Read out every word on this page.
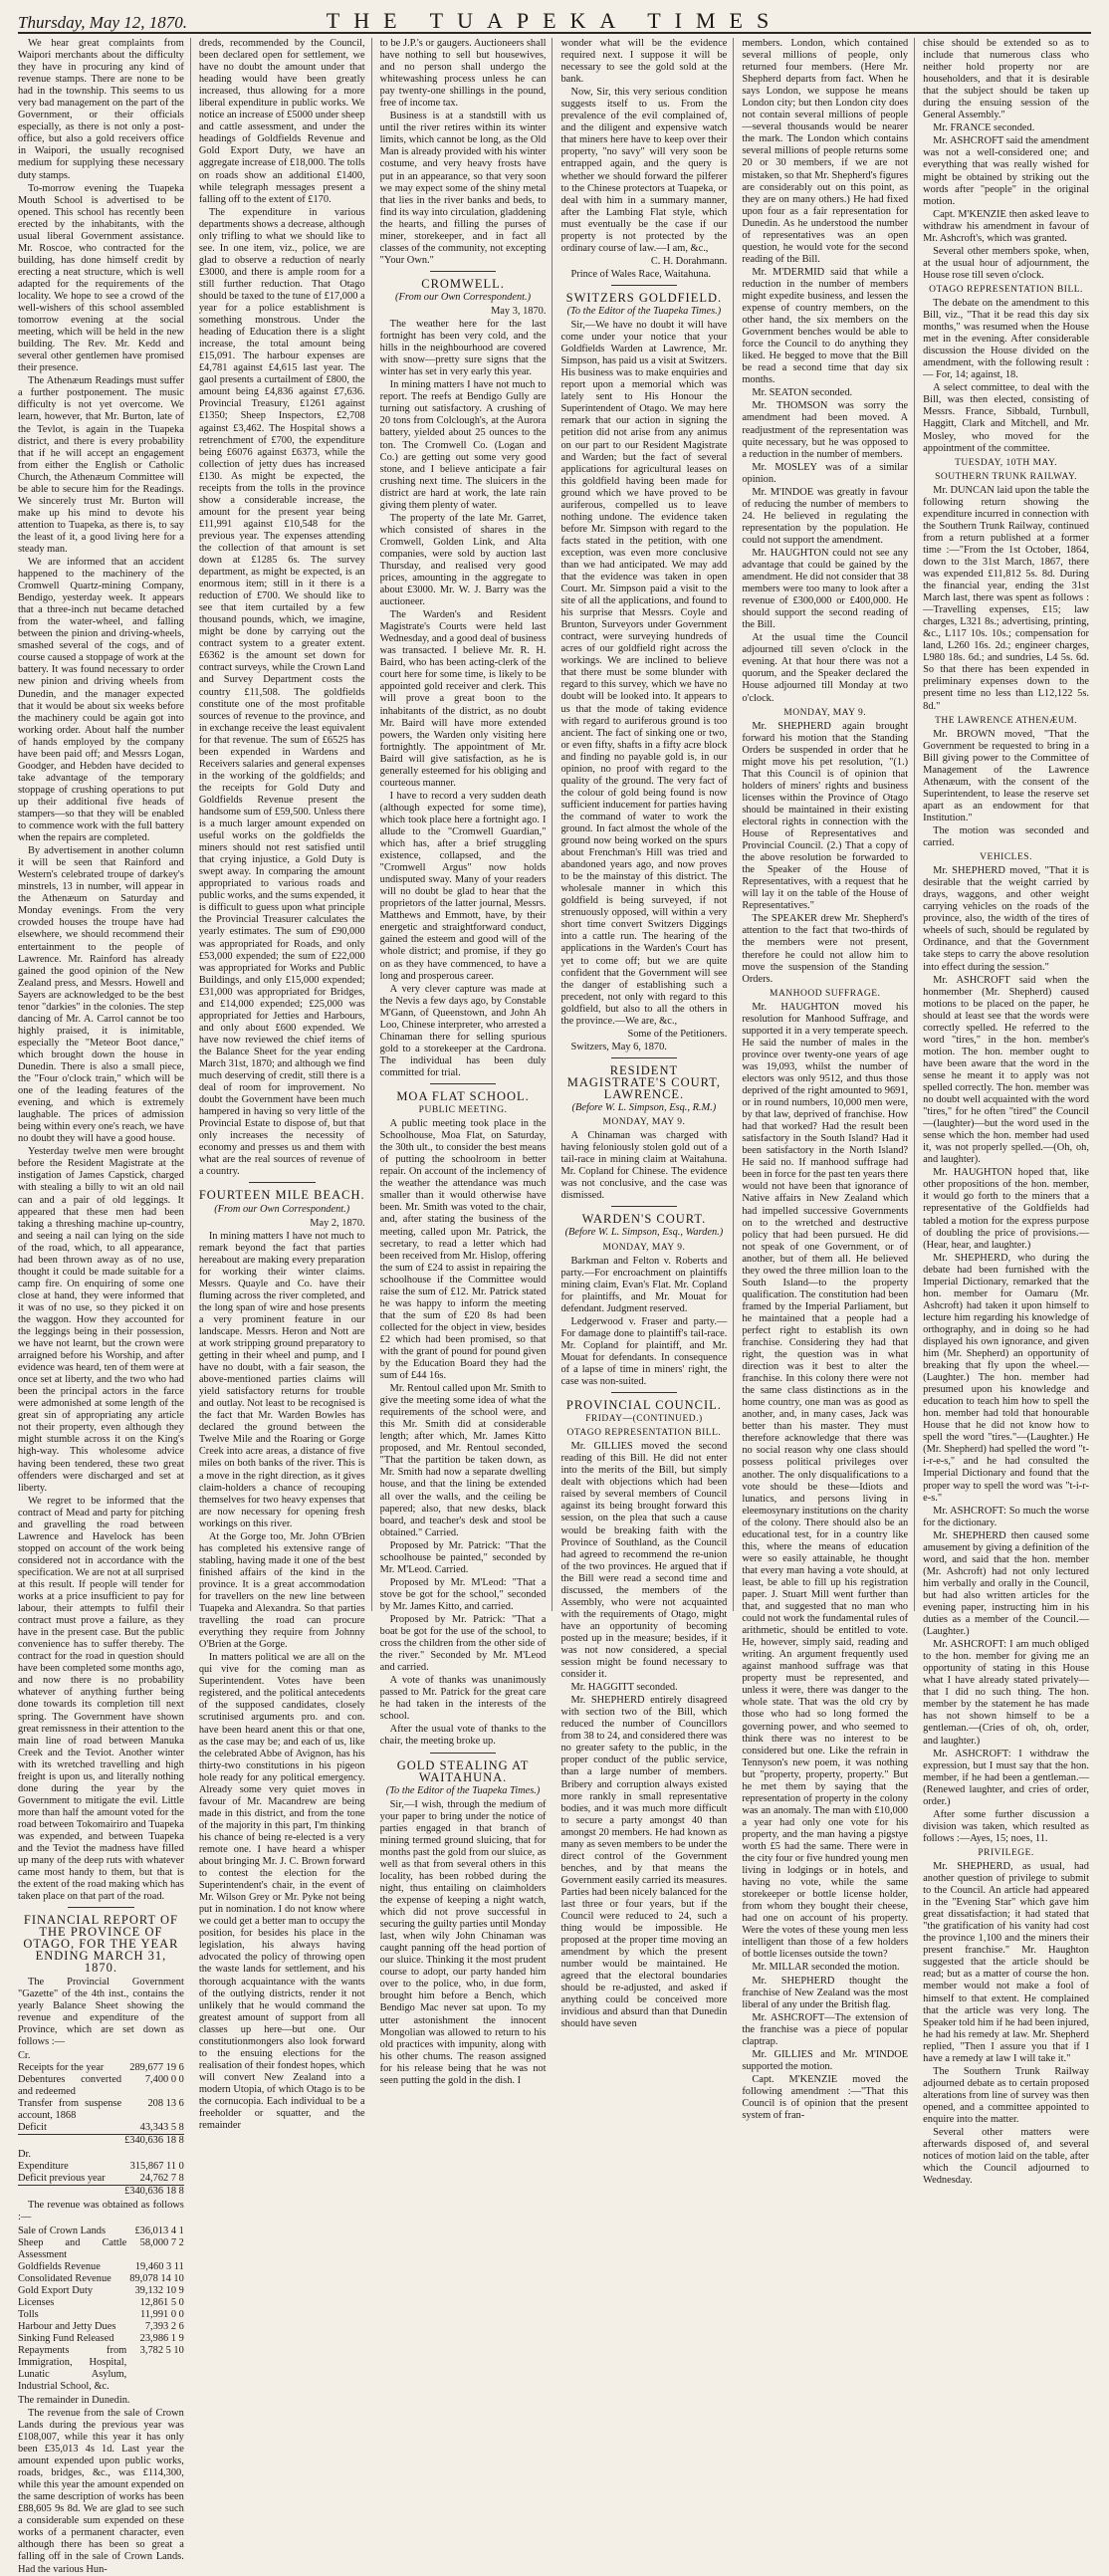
Thursday, May 12, 1870.	THE TUAPEKA TIMES

We hear great complaints from Waipori merchants about the difficulty they have in procuring any kind of revenue stamps. There are none to be had in the township. This seems to us very bad management on the part of the Government, or their officials especially, as there is not only a post-office, but also a gold receivers office in Waipori, the usually recognised medium for supplying these necessary duty stamps.

To-morrow evening the Tuapeka Mouth School is advertised to be opened. This school has recently been erected by the inhabitants, with the usual liberal Government assistance. Mr. Roscoe, who contracted for the building, has done himself credit by erecting a neat structure, which is well adapted for the requirements of the locality. We hope to see a crowd of the well-wishers of this school assembled tomorrow evening at the social meeting, which will be held in the new building. The Rev. Mr. Kedd and several other gentlemen have promised their presence.

The Athenæum Readings must suffer a further postponement. The music difficulty is not yet overcome. We learn, however, that Mr. Burton, late of the Tevlot, is again in the Tuapeka district, and there is every probability that if he will accept an engagement from either the English or Catholic Church, the Athenæum Committee will be able to secure him for the Readings. We sincerely trust Mr. Burton will make up his mind to devote his attention to Tuapeka, as there is, to say the least of it, a good living here for a steady man.

We are informed that an accident happened to the machinery of the Cromwell Quartz-mining Company, Bendigo, yesterday week. It appears that a three-inch nut became detached from the water-wheel, and falling between the pinion and driving-wheels, smashed several of the cogs, and of course caused a stoppage of work at the battery. It was found necessary to order new pinion and driving wheels from Dunedin, and the manager expected that it would be about six weeks before the machinery could be again got into working order. About half the number of hands employed by the company have been paid off; and Messrs Logan, Goodger, and Hebden have decided to take advantage of the temporary stoppage of crushing operations to put up their additional five heads of stampers—so that they will be enabled to commence work with the full battery when the repairs are completed.

By advertisement in another column it will be seen that Rainford and Western's celebrated troupe of darkey's minstrels, 13 in number, will appear in the Athenæum on Saturday and Monday evenings. From the very crowded houses the troupe have had elsewhere, we should recommend their entertainment to the people of Lawrence. Mr. Rainford has already gained the good opinion of the New Zealand press, and Messrs. Howell and Sayers are acknowledged to be the best tenor "darkies" in the colonies. The step dancing of Mr. A. Carrol cannot be too highly praised, it is inimitable, especially the "Meteor Boot dance," which brought down the house in Dunedin. There is also a small piece, the "Four o'clock train," which will be one of the leading features of the evening, and which is extremely laughable. The prices of admission being within every one's reach, we have no doubt they will have a good house.

Yesterday twelve men were brought before the Resident Magistrate at the instigation of James Capstick, charged with stealing a billy to wit an old nail can and a pair of old leggings. It appeared that these men had been taking a threshing machine up-country, and seeing a nail can lying on the side of the road, which, to all appearance, had been thrown away as of no use, thought it could be made suitable for a camp fire. On enquiring of some one close at hand, they were informed that it was of no use, so they picked it on the waggon. How they accounted for the leggings being in their possession, we have not learnt, but the crown were arraigned before his Worship, and after evidence was heard, ten of them were at once set at liberty, and the two who had been the principal actors in the farce were admonished at some length of the great sin of appropriating any article not their property, even although they might stumble across it on the King's high-way. This wholesome advice having been tendered, these two great offenders were discharged and set at liberty.

We regret to be informed that the contract of Mead and party for pitching and gravelling the road between Lawrence and Havelock has been stopped on account of the work being considered not in accordance with the specification. We are not at all surprised at this result. If people will tender for works at a price insufficient to pay for labour, their attempts to fulfil their contract must prove a failure, as they have in the present case. But the public convenience has to suffer thereby. The contract for the road in question should have been completed some months ago, and now there is no probability whatever of anything further being done towards its completion till next spring. The Government have shown great remissness in their attention to the main line of road between Manuka Creek and the Teviot. Another winter with its wretched travelling and high freight is upon us, and literally nothing done during the year by the Government to mitigate the evil. Little more than half the amount voted for the road between Tokomairiro and Tuapeka was expended, and between Tuapeka and the Teviot the madness have filled up many of the deep ruts with whatever came most handy to them, but that is the extent of the road making which has taken place on that part of the road.

FINANCIAL REPORT OF THE PROVINCE OF OTAGO, FOR THE YEAR ENDING MARCH 31, 1870.

The Provincial Government "Gazette" of the 4th inst., contains the yearly Balance Sheet showing the revenue and expenditure of the Province, which are set down as follows :—

Cr.	
Receipts for the year	289,677 19 6
Debentures converted and redeemed	7,400 0 0
Transfer from suspense account, 1868	208 13 6
Deficit	43,343 5 8
	£340,636 18 8
Dr.	
Expenditure	315,867 11 0
Deficit previous year	24,762 7 8
	£340,636 18 8

The revenue was obtained as follows :—

Sale of Crown Lands	£36,013 4 1
Sheep and Cattle Assessment	58,000 7 2
Goldfields Revenue	19,460 3 11
Consolidated Revenue	89,078 14 10
Gold Export Duty	39,132 10 9
Licenses	12,861 5 0
Tolls	11,991 0 0
Harbour and Jetty Dues	7,393 2 6
Sinking Fund Released	23,986 1 9
Repayments from Immigration, Hospital, Lunatic Asylum, Industrial School, &c.	3,782 5 10

The remainder in Dunedin.

The revenue from the sale of Crown Lands during the previous year was £108,007, while this year it has only been £35,013 4s 1d. Last year the amount expended upon public works, roads, bridges, &c., was £114,300, while this year the amount expended on the same description of works has been £88,605 9s 8d. We are glad to see such a considerable sum expended on these works of a permanent character, even although there has been so great a falling off in the sale of Crown Lands. Had the various Hun-

dreds, recommended by the Council, been declared open for settlement, we have no doubt the amount under that heading would have been greatly increased, thus allowing for a more liberal expenditure in public works. We notice an increase of £5000 under sheep and cattle assessment, and under the headings of Goldfields Revenue and Gold Export Duty, we have an aggregate increase of £18,000. The tolls on roads show an additional £1400, while telegraph messages present a falling off to the extent of £170.

The expenditure in various departments shows a decrease, although only trifling to what we should like to see. In one item, viz., police, we are glad to observe a reduction of nearly £3000, and there is ample room for a still further reduction. That Otago should be taxed to the tune of £17,000 a year for a police establishment is something monstrous. Under the heading of Education there is a slight increase, the total amount being £15,091. The harbour expenses are £4,781 against £4,615 last year. The gaol presents a curtailment of £800, the amount being £4,836 against £7,636. Provincial Treasury, £1261 against £1350; Sheep Inspectors, £2,708 against £3,462. The Hospital shows a retrenchment of £700, the expenditure being £6076 against £6373, while the collection of jetty dues has increased £130. As might be expected, the receipts from the tolls in the province show a considerable increase, the amount for the present year being £11,991 against £10,548 for the previous year. The expenses attending the collection of that amount is set down at £1285 6s. The survey department, as might be expected, is an enormous item; still in it there is a reduction of £700. We should like to see that item curtailed by a few thousand pounds, which, we imagine, might be done by carrying out the contract system to a greater extent. £6362 is the amount set down for contract surveys, while the Crown Land and Survey Department costs the country £11,508. The goldfields constitute one of the most profitable sources of revenue to the province, and in exchange receive the least equivalent for that revenue. The sum of £6525 has been expended in Wardens and Receivers salaries and general expenses in the working of the goldfields; and the receipts for Gold Duty and Goldfields Revenue present the handsome sum of £59,500. Unless there is a much larger amount expended on useful works on the goldfields the miners should not rest satisfied until that crying injustice, a Gold Duty is swept away. In comparing the amount appropriated to various roads and public works, and the sums expended, it is difficult to guess upon what principle the Provincial Treasurer calculates the yearly estimates. The sum of £90,000 was appropriated for Roads, and only £53,000 expended; the sum of £22,000 was appropriated for Works and Public Buildings, and only £15,000 expended; £31,000 was appropriated for Bridges, and £14,000 expended; £25,000 was appropriated for Jetties and Harbours, and only about £600 expended. We have now reviewed the chief items of the Balance Sheet for the year ending March 31st, 1870; and although we find much deserving of credit, still there is a deal of room for improvement. No doubt the Government have been much hampered in having so very little of the Provincial Estate to dispose of, but that only increases the necessity of economy and presses us and them with what are the real sources of revenue of a country.

FOURTEEN MILE BEACH.

(From our Own Correspondent.)

May 2, 1870.

In mining matters I have not much to remark beyond the fact that parties hereabout are making every preparation for working their winter claims. Messrs. Quayle and Co. have their fluming across the river completed, and the long span of wire and hose presents a very prominent feature in our landscape. Messrs. Heron and Nott are at work stripping ground preparatory to getting in their wheel and pump, and I have no doubt, with a fair season, the above-mentioned parties claims will yield satisfactory returns for trouble and outlay. Not least to be recognised is the fact that Mr. Warden Bowles has declared the ground between the Twelve Mile and the Roaring or Gorge Creek into acre areas, a distance of five miles on both banks of the river. This is a move in the right direction, as it gives claim-holders a chance of recouping themselves for two heavy expenses that are now necessary for opening fresh workings on this river.

At the Gorge too, Mr. John O'Brien has completed his extensive range of stabling, having made it one of the best finished affairs of the kind in the province. It is a great accommodation for travellers on the new line between Tuapeka and Alexandra. So that parties travelling the road can procure everything they require from Johnny O'Brien at the Gorge.

In matters political we are all on the qui vive for the coming man as Superintendent. Votes have been registered, and the political antecedents of the supposed candidates, closely scrutinised arguments pro. and con. have been heard anent this or that one, as the case may be; and each of us, like the celebrated Abbe of Avignon, has his thirty-two constitutions in his pigeon hole ready for any political emergency. Already some very quiet moves in favour of Mr. Macandrew are being made in this district, and from the tone of the majority in this part, I'm thinking his chance of being re-elected is a very remote one. I have heard a whisper about bringing Mr. J. C. Brown forward to contest the election for the Superintendent's chair, in the event of Mr. Wilson Grey or Mr. Pyke not being put in nomination. I do not know where we could get a better man to occupy the position, for besides his place in the legislation, his always having advocated the policy of throwing open the waste lands for settlement, and his thorough acquaintance with the wants of the outlying districts, render it not unlikely that he would command the greatest amount of support from all classes up here—but one. Our constitutionmongers also look forward to the ensuing elections for the realisation of their fondest hopes, which will convert New Zealand into a modern Utopia, of which Otago is to be the cornucopia. Each individual to be a freeholder or squatter, and the remainder

to be J.P.'s or gaugers. Auctioneers shall have nothing to sell but housewives, and no person shall undergo the whitewashing process unless he can pay twenty-one shillings in the pound, free of income tax.

Business is at a standstill with us until the river retires within its winter limits, which cannot be long, as the Old Man is already provided with his winter costume, and very heavy frosts have put in an appearance, so that very soon we may expect some of the shiny metal that lies in the river banks and beds, to find its way into circulation, gladdening the hearts, and filling the purses of miner, storekeeper, and in fact all classes of the community, not excepting "Your Own."

CROMWELL.

(From our Own Correspondent.)

May 3, 1870.

The weather here for the last fortnight has been very cold, and the hills in the neighbourhood are covered with snow—pretty sure signs that the winter has set in very early this year.

In mining matters I have not much to report. The reefs at Bendigo Gully are turning out satisfactory. A crushing of 20 tons from Colclough's, at the Aurora battery, yielded about 25 ounces to the ton. The Cromwell Co. (Logan and Co.) are getting out some very good stone, and I believe anticipate a fair crushing next time. The sluicers in the district are hard at work, the late rain giving them plenty of water.

The property of the late Mr. Garret, which consisted of shares in the Cromwell, Golden Link, and Alta companies, were sold by auction last Thursday, and realised very good prices, amounting in the aggregate to about £3000. Mr. W. J. Barry was the auctioneer.

The Warden's and Resident Magistrate's Courts were held last Wednesday, and a good deal of business was transacted. I believe Mr. R. H. Baird, who has been acting-clerk of the court here for some time, is likely to be appointed gold receiver and clerk. This will prove a great boon to the inhabitants of the district, as no doubt Mr. Baird will have more extended powers, the Warden only visiting here fortnightly. The appointment of Mr. Baird will give satisfaction, as he is generally esteemed for his obliging and courteous manner.

I have to record a very sudden death (although expected for some time), which took place here a fortnight ago. I allude to the "Cromwell Guardian," which has, after a brief struggling existence, collapsed, and the "Cromwell Argus" now holds undisputed sway. Many of your readers will no doubt be glad to hear that the proprietors of the latter journal, Messrs. Matthews and Emmott, have, by their energetic and straightforward conduct, gained the esteem and good will of the whole district; and promise, if they go on as they have commenced, to have a long and prosperous career.

A very clever capture was made at the Nevis a few days ago, by Constable M'Gann, of Queenstown, and John Ah Loo, Chinese interpreter, who arrested a Chinaman there for selling spurious gold to a storekeeper at the Cardrona. The individual has been duly committed for trial.

MOA FLAT SCHOOL.

PUBLIC MEETING.

A public meeting took place in the Schoolhouse, Moa Flat, on Saturday, the 30th ult., to consider the best means of putting the schoolroom in better repair. On account of the inclemency of the weather the attendance was much smaller than it would otherwise have been. Mr. Smith was voted to the chair, and, after stating the business of the meeting, called upon Mr. Patrick, the secretary, to read a letter which had been received from Mr. Hislop, offering the sum of £24 to assist in repairing the schoolhouse if the Committee would raise the sum of £12. Mr. Patrick stated he was happy to inform the meeting that the sum of £20 8s had been collected for the object in view, besides £2 which had been promised, so that with the grant of pound for pound given by the Education Board they had the sum of £44 16s.

Mr. Rentoul called upon Mr. Smith to give the meeting some idea of what the requirements of the school were, and this Mr. Smith did at considerable length; after which, Mr. James Kitto proposed, and Mr. Rentoul seconded, "That the partition be taken down, as Mr. Smith had now a separate dwelling house, and that the lining be extended all over the walls, and the ceiling be papered; also, that new desks, black board, and teacher's desk and stool be obtained." Carried.

Proposed by Mr. Patrick: "That the schoolhouse be painted," seconded by Mr. M'Leod. Carried.

Proposed by Mr. M'Leod: "That a stove be got for the school," seconded by Mr. James Kitto, and carried.

Proposed by Mr. Patrick: "That a boat be got for the use of the school, to cross the children from the other side of the river." Seconded by Mr. M'Leod and carried.

A vote of thanks was unanimously passed to Mr. Patrick for the great care he had taken in the interests of the school.

After the usual vote of thanks to the chair, the meeting broke up.

GOLD STEALING AT WAITAHUNA.

(To the Editor of the Tuapeka Times.)

Sir,—I wish, through the medium of your paper to bring under the notice of parties engaged in that branch of mining termed ground sluicing, that for months past the gold from our sluice, as well as that from several others in this locality, has been robbed during the night, thus entailing on claimholders the expense of keeping a night watch, which did not prove successful in securing the guilty parties until Monday last, when wily John Chinaman was caught panning off the head portion of our sluice. Thinking it the most prudent course to adopt, our party handed him over to the police, who, in due form, brought him before a Bench, which Bendigo Mac never sat upon. To my utter astonishment the innocent Mongolian was allowed to return to his old practices with impunity, along with his other chums. The reason assigned for his release being that he was not seen putting the gold in the dish. I

wonder what will be the evidence required next. I suppose it will be necessary to see the gold sold at the bank.

Now, Sir, this very serious condition suggests itself to us. From the prevalence of the evil complained of, and the diligent and expensive watch that miners here have to keep over their property, "no savy" will very soon be entrapped again, and the query is whether we should forward the pilferer to the Chinese protectors at Tuapeka, or deal with him in a summary manner, after the Lambing Flat style, which must eventually be the case if our property is not protected by the ordinary course of law.—I am, &c.,

C. H. Dorahmann.

Prince of Wales Race, Waitahuna.

SWITZERS GOLDFIELD.

(To the Editor of the Tuapeka Times.)

Sir,—We have no doubt it will have come under your notice that your Goldfields Warden at Lawrence, Mr. Simpson, has paid us a visit at Switzers. His business was to make enquiries and report upon a memorial which was lately sent to His Honour the Superintendent of Otago. We may here remark that our action in signing the petition did not arise from any animus on our part to our Resident Magistrate and Warden; but the fact of several applications for agricultural leases on this goldfield having been made for ground which we have proved to be auriferous, compelled us to leave nothing undone. The evidence taken before Mr. Simpson with regard to the facts stated in the petition, with one exception, was even more conclusive than we had anticipated. We may add that the evidence was taken in open Court. Mr. Simpson paid a visit to the site of all the applications, and found to his surprise that Messrs. Coyle and Brunton, Surveyors under Government contract, were surveying hundreds of acres of our goldfield right across the workings. We are inclined to believe that there must be some blunder with regard to this survey, which we have no doubt will be looked into. It appears to us that the mode of taking evidence with regard to auriferous ground is too ancient. The fact of sinking one or two, or even fifty, shafts in a fifty acre block and finding no payable gold is, in our opinion, no proof with regard to the quality of the ground. The very fact of the colour of gold being found is now sufficient inducement for parties having the command of water to work the ground. In fact almost the whole of the ground now being worked on the spurs about Frenchman's Hill was tried and abandoned years ago, and now proves to be the mainstay of this district. The wholesale manner in which this goldfield is being surveyed, if not strenuously opposed, will within a very short time convert Switzers Diggings into a cattle run. The hearing of the applications in the Warden's Court has yet to come off; but we are quite confident that the Government will see the danger of establishing such a precedent, not only with regard to this goldfield, but also to all the others in the province.—We are, &c.,

Some of the Petitioners.

Switzers, May 6, 1870.

RESIDENT MAGISTRATE'S COURT, LAWRENCE.

(Before W. L. Simpson, Esq., R.M.)

MONDAY, MAY 9.

A Chinaman was charged with having feloniously stolen gold out of a tail-race in mining claim at Waitahuna. Mr. Copland for Chinese. The evidence was not conclusive, and the case was dismissed.

WARDEN'S COURT.

(Before W. L. Simpson, Esq., Warden.)

MONDAY, MAY 9.

Barkman and Felton v. Roberts and party.—For encroachment on plaintiffs mining claim, Evan's Flat. Mr. Copland for plaintiffs, and Mr. Mouat for defendant. Judgment reserved.

Ledgerwood v. Fraser and party.—For damage done to plaintiff's tail-race. Mr. Copland for plaintiff, and Mr. Mouat for defendants. In consequence of a lapse of time in miners' right, the case was non-suited.

PROVINCIAL COUNCIL.

FRIDAY—(CONTINUED.)

OTAGO REPRESENTATION BILL.

Mr. GILLIES moved the second reading of this Bill. He did not enter into the merits of the Bill, but simply dealt with objections which had been raised by several members of Council against its being brought forward this session, on the plea that such a cause would be breaking faith with the Province of Southland, as the Council had agreed to recommend the re-union of the two provinces. He argued that if the Bill were read a second time and discussed, the members of the Assembly, who were not acquainted with the requirements of Otago, might have an opportunity of becoming posted up in the measure; besides, if it was not now considered, a special session might be found necessary to consider it.

Mr. HAGGITT seconded.

Mr. SHEPHERD entirely disagreed with section two of the Bill, which reduced the number of Councillors from 38 to 24, and considered there was no greater safety to the public, in the proper conduct of the public service, than a large number of members. Bribery and corruption always existed more rankly in small representative bodies, and it was much more difficult to secure a party amongst 40 than amongst 20 members. He had known as many as seven members to be under the direct control of the Government benches, and by that means the Government easily carried its measures. Parties had been nicely balanced for the last three or four years, but if the Council were reduced to 24, such a thing would be impossible. He proposed at the proper time moving an amendment by which the present number would be maintained. He agreed that the electoral boundaries should be re-adjusted, and asked if anything could be conceived more invidious and absurd than that Dunedin should have seven

members. London, which contained several millions of people, only returned four members. (Here Mr. Shepherd departs from fact. When he says London, we suppose he means London city; but then London city does not contain several millions of people—several thousands would be nearer the mark. The London which contains several millions of people returns some 20 or 30 members, if we are not mistaken, so that Mr. Shepherd's figures are considerably out on this point, as they are on many others.) He had fixed upon four as a fair representation for Dunedin. As he understood the number of representatives was an open question, he would vote for the second reading of the Bill.

Mr. M'DERMID said that while a reduction in the number of members might expedite business, and lessen the expense of country members, on the other hand, the six members on the Government benches would be able to force the Council to do anything they liked. He begged to move that the Bill be read a second time that day six months.

Mr. SEATON seconded.

Mr. THOMSON was sorry the amendment had been moved. A readjustment of the representation was quite necessary, but he was opposed to a reduction in the number of members.

Mr. MOSLEY was of a similar opinion.

Mr. M'INDOE was greatly in favour of reducing the number of members to 24. He believed in regulating the representation by the population. He could not support the amendment.

Mr. HAUGHTON could not see any advantage that could be gained by the amendment. He did not consider that 38 members were too many to look after a revenue of £300,000 or £400,000. He should support the second reading of the Bill.

At the usual time the Council adjourned till seven o'clock in the evening. At that hour there was not a quorum, and the Speaker declared the House adjourned till Monday at two o'clock.

MONDAY, MAY 9.

Mr. SHEPHERD again brought forward his motion that the Standing Orders be suspended in order that he might move his pet resolution, "(1.) That this Council is of opinion that holders of miners' rights and business licenses within the Province of Otago should be maintained in their existing electoral rights in connection with the House of Representatives and Provincial Council. (2.) That a copy of the above resolution be forwarded to the Speaker of the House of Representatives, with a request that he will lay it on the table of the House of Representatives."

The SPEAKER drew Mr. Shepherd's attention to the fact that two-thirds of the members were not present, therefore he could not allow him to move the suspension of the Standing Orders.

MANHOOD SUFFRAGE.

Mr. HAUGHTON moved his resolution for Manhood Suffrage, and supported it in a very temperate speech. He said the number of males in the province over twenty-one years of age was 19,093, whilst the number of electors was only 9512, and thus those deprived of the right amounted to 9691, or in round numbers, 10,000 men were, by that law, deprived of franchise. How had that worked? Had the result been satisfactory in the South Island? Had it been satisfactory in the North Island? He said no. If manhood suffrage had been in force for the past ten years there would not have been that ignorance of Native affairs in New Zealand which had impelled successive Governments on to the wretched and destructive policy that had been pursued. He did not speak of one Government, or of another, but of them all. He believed they owed the three million loan to the South Island—to the property qualification. The constitution had been framed by the Imperial Parliament, but he maintained that a people had a perfect right to establish its own franchise. Considering they had that right, the question was in what direction was it best to alter the franchise. In this colony there were not the same class distinctions as in the home country, one man was as good as another, and, in many cases, Jack was better than his master. They must therefore acknowledge that there was no social reason why one class should possess political privileges over another. The only disqualifications to a vote should be these—Idiots and lunatics, and persons living in eleemosynary institutions on the charity of the colony. There should also be an educational test, for in a country like this, where the means of education were so easily attainable, he thought that every man having a vote should, at least, be able to fill up his registration paper. J. Stuart Mill went further than that, and suggested that no man who could not work the fundamental rules of arithmetic, should be entitled to vote. He, however, simply said, reading and writing. An argument frequently used against manhood suffrage was that property must be represented, and unless it were, there was danger to the whole state. That was the old cry by those who had so long formed the governing power, and who seemed to think there was no interest to be considered but one. Like the refrain in Tennyson's new poem, it was nothing but "property, property, property." But he met them by saying that the representation of property in the colony was an anomaly. The man with £10,000 a year had only one vote for his property, and the man having a pigstye worth £5 had the same. There were in the city four or five hundred young men living in lodgings or in hotels, and having no vote, while the same storekeeper or bottle license holder, from whom they bought their cheese, had one on account of his property. Were the votes of these young men less intelligent than those of a few holders of bottle licenses outside the town?

Mr. MILLAR seconded the motion.

Mr. SHEPHERD thought the franchise of New Zealand was the most liberal of any under the British flag.

Mr. ASHCROFT—The extension of the franchise was a piece of popular claptrap.

Mr. GILLIES and Mr. M'INDOE supported the motion.

Capt. M'KENZIE moved the following amendment :—"That this Council is of opinion that the present system of fran-

chise should be extended so as to include that numerous class who neither hold property nor are householders, and that it is desirable that the subject should be taken up during the ensuing session of the General Assembly."

Mr. FRANCE seconded.

Mr. ASHCROFT said the amendment was not a well-considered one; and everything that was really wished for might be obtained by striking out the words after "people" in the original motion.

Capt. M'KENZIE then asked leave to withdraw his amendment in favour of Mr. Ashcroft's, which was granted.

Several other members spoke, when, at the usual hour of adjournment, the House rose till seven o'clock.

OTAGO REPRESENTATION BILL.

The debate on the amendment to this Bill, viz., "That it be read this day six months," was resumed when the House met in the evening. After considerable discussion the House divided on the amendment, with the following result :— For, 14; against, 18.

A select committee, to deal with the Bill, was then elected, consisting of Messrs. France, Sibbald, Turnbull, Haggitt, Clark and Mitchell, and Mr. Mosley, who moved for the appointment of the committee.

TUESDAY, 10TH MAY.

SOUTHERN TRUNK RAILWAY.

Mr. DUNCAN laid upon the table the following return showing the expenditure incurred in connection with the Southern Trunk Railway, continued from a return published at a former time :—"From the 1st October, 1864, down to the 31st March, 1867, there was expended £11,812 5s. 8d. During the financial year, ending the 31st March last, there was spent as follows :—Travelling expenses, £15; law charges, L321 8s.; advertising, printing, &c., L117 10s. 10s.; compensation for land, L260 16s. 2d.; engineer charges, L980 18s. 6d.; and sundries, L4 5s. 6d. So that there has been expended in preliminary expenses down to the present time no less than L12,122 5s. 8d."

THE LAWRENCE ATHENÆUM.

Mr. BROWN moved, "That the Government be requested to bring in a Bill giving power to the Committee of Management of the Lawrence Athenæum, with the consent of the Superintendent, to lease the reserve set apart as an endowment for that Institution."

The motion was seconded and carried.

VEHICLES.

Mr. SHEPHERD moved, "That it is desirable that the weight carried by drays, waggons, and other weight carrying vehicles on the roads of the province, also, the width of the tires of wheels of such, should be regulated by Ordinance, and that the Government take steps to carry the above resolution into effect during the session."

Mr. ASHCROFT said when the honmember (Mr. Shepherd) caused motions to be placed on the paper, he should at least see that the words were correctly spelled. He referred to the word "tires," in the hon. member's motion. The hon. member ought to have been aware that the word in the sense he meant it to apply was not spelled correctly. The hon. member was no doubt well acquainted with the word "tires," for he often "tired" the Council—(laughter)—but the word used in the sense which the hon. member had used it, was not properly spelled.—(Oh, oh, and laughter).

Mr. HAUGHTON hoped that, like other propositions of the hon. member, it would go forth to the miners that a representative of the Goldfields had tabled a motion for the express purpose of doubling the price of provisions.—(Hear, hear, and laughter.)

Mr. SHEPHERD, who during the debate had been furnished with the Imperial Dictionary, remarked that the hon. member for Oamaru (Mr. Ashcroft) had taken it upon himself to lecture him regarding his knowledge of orthography, and in doing so he had displayed his own ignorance, and given him (Mr. Shepherd) an opportunity of breaking that fly upon the wheel.—(Laughter.) The hon. member had presumed upon his knowledge and education to teach him how to spell the hon. member had told that honourable House that he did not know how to spell the word "tires."—(Laughter.) He (Mr. Shepherd) had spelled the word "t-i-r-e-s," and he had consulted the Imperial Dictionary and found that the proper way to spell the word was "t-i-r-e-s."

Mr. ASHCROFT: So much the worse for the dictionary.

Mr. SHEPHERD then caused some amusement by giving a definition of the word, and said that the hon. member (Mr. Ashcroft) had not only lectured him verbally and orally in the Council, but had also written articles for the evening paper, instructing him in his duties as a member of the Council.—(Laughter.)

Mr. ASHCROFT: I am much obliged to the hon. member for giving me an opportunity of stating in this House what I have already stated privately—that I did no such thing. The hon. member by the statement he has made has not shown himself to be a gentleman.—(Cries of oh, oh, order, and laughter.)

Mr. ASHCROFT: I withdraw the expression, but I must say that the hon. member, if he had been a gentleman.—(Renewed laughter, and cries of order, order.)

After some further discussion a division was taken, which resulted as follows :—Ayes, 15; noes, 11.

PRIVILEGE.

Mr. SHEPHERD, as usual, had another question of privilege to submit to the Council. An article had appeared in the "Evening Star" which gave him great dissatisfaction; it had stated that "the gratification of his vanity had cost the province 1,100 and the miners their present franchise." Mr. Haughton suggested that the article should be read; but as a matter of course the hon. member would not make a fool of himself to that extent. He complained that the article was very long. The Speaker told him if he had been injured, he had his remedy at law. Mr. Shepherd replied, "Then I assure you that if I have a remedy at law I will take it."

The Southern Trunk Railway adjourned debate as to certain proposed alterations from line of survey was then opened, and a committee appointed to enquire into the matter.

Several other matters were afterwards disposed of, and several notices of motion laid on the table, after which the Council adjourned to Wednesday.
